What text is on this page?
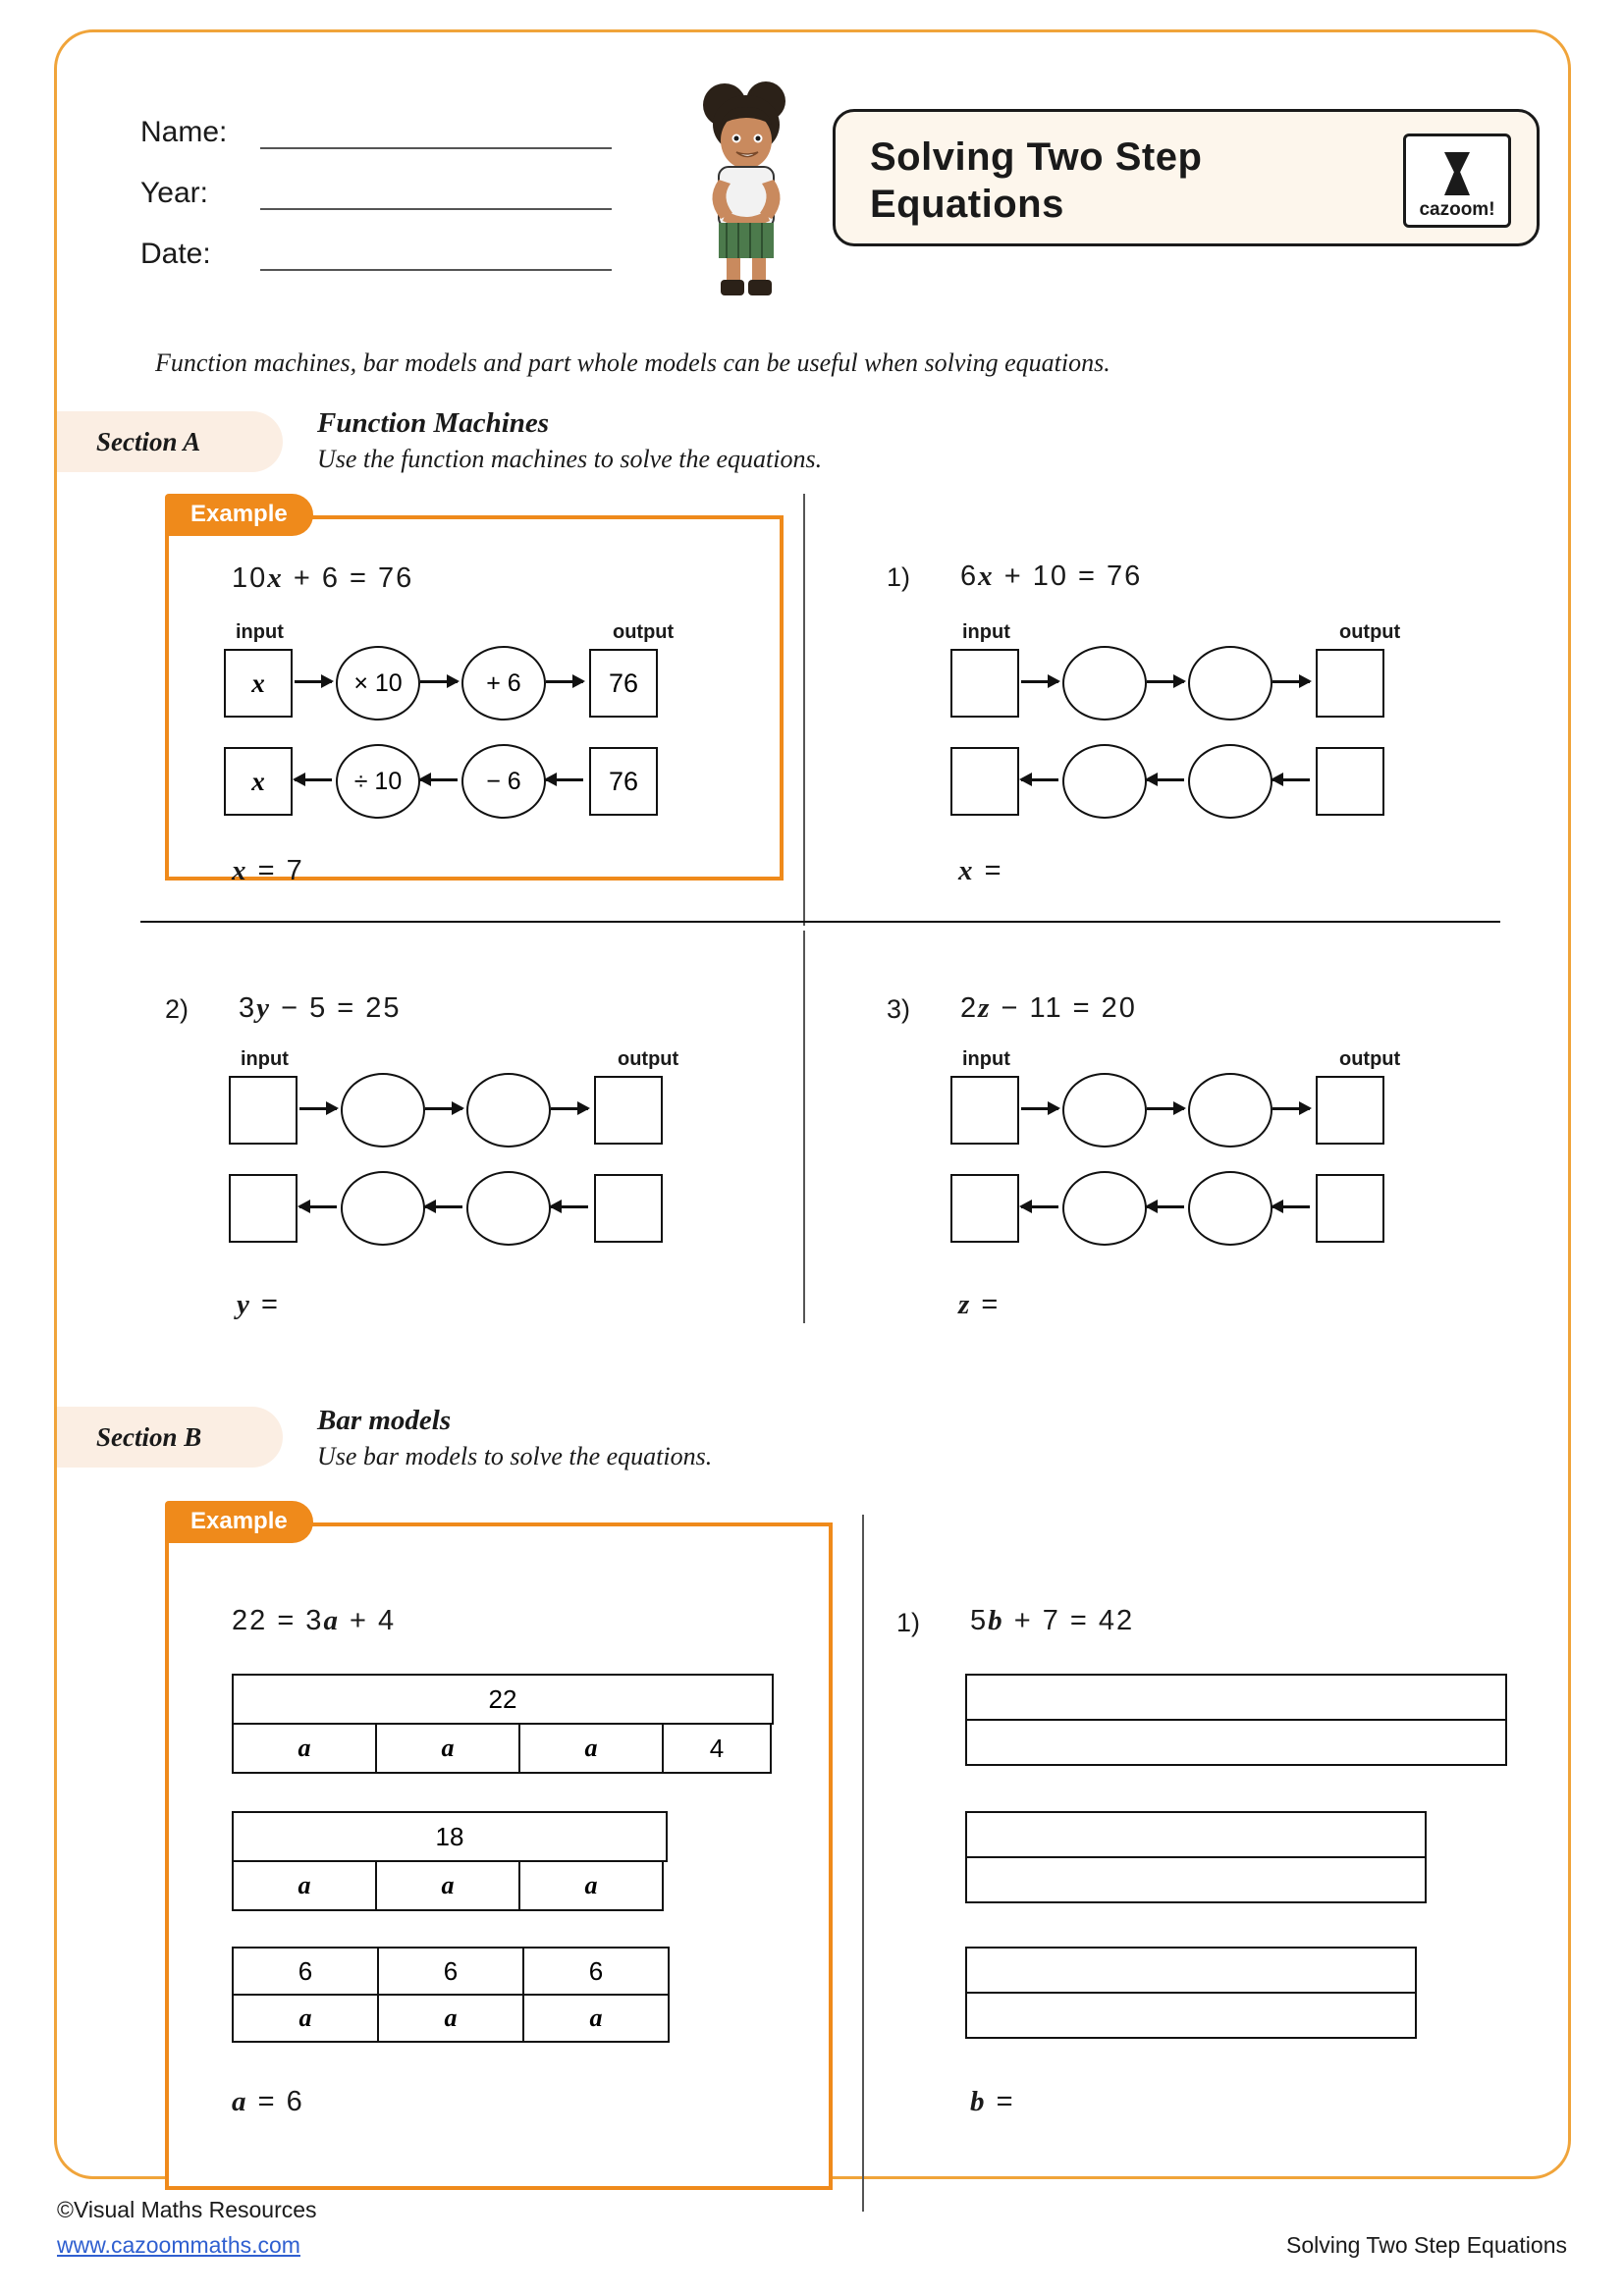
Name:
Year:
Date:
Solving Two Step Equations	cazoom!
Function machines, bar models and part whole models can be useful when solving equations.
Section A
Function Machines
Use the function machines to solve the equations.
Example
10x + 6 = 76
input	output
x	× 10	+ 6	76
x	÷ 10	− 6	76
x = 7
1) 6x + 10 = 76
input	output
x =
2) 3y − 5 = 25
input	output
y =
3) 2z − 11 = 20
input	output
z =
Section B
Bar models
Use bar models to solve the equations.
Example
22 = 3a + 4
22
a	a	a	4
18
a	a	a
6	6	6
a	a	a
a = 6
1) 5b + 7 = 42
b =
©Visual Maths Resources
www.cazoommaths.com	Solving Two Step Equations
